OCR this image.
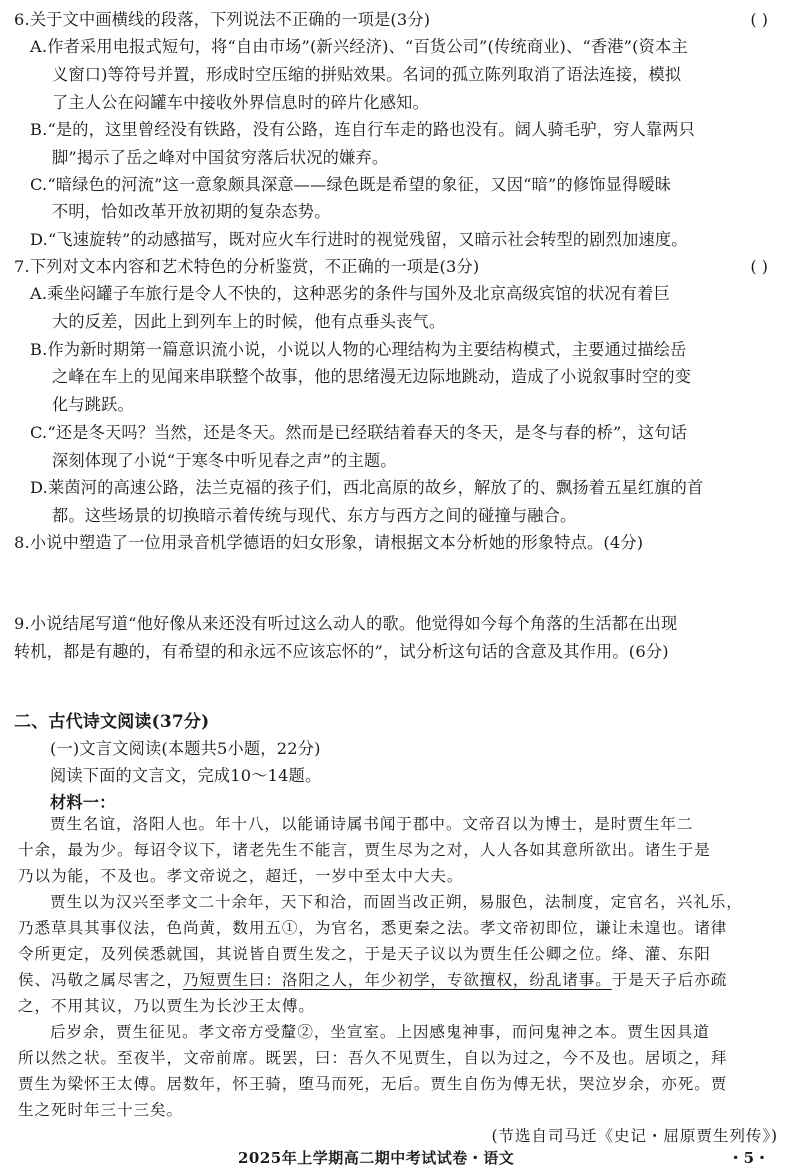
6.关于文中画横线的段落，下列说法不正确的一项是(3分)	( )
A.作者采用电报式短句，将“自由市场”(新兴经济)、“百货公司”(传统商业)、“香港”(资本主
义窗口)等符号并置，形成时空压缩的拼贴效果。名词的孤立陈列取消了语法连接，模拟
了主人公在闷罐车中接收外界信息时的碎片化感知。
B.“是的，这里曾经没有铁路，没有公路，连自行车走的路也没有。阔人骑毛驴，穷人靠两只
脚”揭示了岳之峰对中国贫穷落后状况的嫌弃。
C.“暗绿色的河流”这一意象颇具深意——绿色既是希望的象征，又因“暗”的修饰显得暧昧
不明，恰如改革开放初期的复杂态势。
D.“飞速旋转”的动感描写，既对应火车行进时的视觉残留，又暗示社会转型的剧烈加速度。
7.下列对文本内容和艺术特色的分析鉴赏，不正确的一项是(3分)	( )
A.乘坐闷罐子车旅行是令人不快的，这种恶劣的条件与国外及北京高级宾馆的状况有着巨
大的反差，因此上到列车上的时候，他有点垂头丧气。
B.作为新时期第一篇意识流小说，小说以人物的心理结构为主要结构模式，主要通过描绘岳
之峰在车上的见闻来串联整个故事，他的思绪漫无边际地跳动，造成了小说叙事时空的变
化与跳跃。
C.“还是冬天吗？当然，还是冬天。然而是已经联结着春天的冬天，是冬与春的桥”，这句话
深刻体现了小说“于寒冬中听见春之声”的主题。
D.莱茵河的高速公路，法兰克福的孩子们，西北高原的故乡，解放了的、飘扬着五星红旗的首
都。这些场景的切换暗示着传统与现代、东方与西方之间的碰撞与融合。
8.小说中塑造了一位用录音机学德语的妇女形象，请根据文本分析她的形象特点。(4分)
9.小说结尾写道“他好像从来还没有听过这么动人的歌。他觉得如今每个角落的生活都在出现
转机，都是有趣的，有希望的和永远不应该忘怀的”，试分析这句话的含意及其作用。(6分)
二、古代诗文阅读(37分)
(一)文言文阅读(本题共5小题，22分)
阅读下面的文言文，完成10～14题。
材料一：
贾生名谊，洛阳人也。年十八，以能诵诗属书闻于郡中。文帝召以为博士，是时贾生年二
十余，最为少。每诏令议下，诸老先生不能言，贾生尽为之对，人人各如其意所欲出。诸生于是
乃以为能，不及也。孝文帝说之，超迁，一岁中至太中大夫。
贾生以为汉兴至孝文二十余年，天下和洽，而固当改正朔，易服色，法制度，定官名，兴礼乐，
乃悉草具其事仪法，色尚黄，数用五①，为官名，悉更秦之法。孝文帝初即位，谦让未遑也。诸律
令所更定，及列侯悉就国，其说皆自贾生发之，于是天子议以为贾生任公卿之位。绛、灌、东阳
侯、冯敬之属尽害之，乃短贾生曰：洛阳之人，年少初学，专欲擅权，纷乱诸事。于是天子后亦疏
之，不用其议，乃以贾生为长沙王太傅。
后岁余，贾生征见。孝文帝方受釐②，坐宣室。上因感鬼神事，而问鬼神之本。贾生因具道
所以然之状。至夜半，文帝前席。既罢，曰：吾久不见贾生，自以为过之，今不及也。居顷之，拜
贾生为梁怀王太傅。居数年，怀王骑，堕马而死，无后。贾生自伤为傅无状，哭泣岁余，亦死。贾
生之死时年三十三矣。
(节选自司马迁《史记・屈原贾生列传》)
2025年上学期高二期中考试试卷・语文	・5・
